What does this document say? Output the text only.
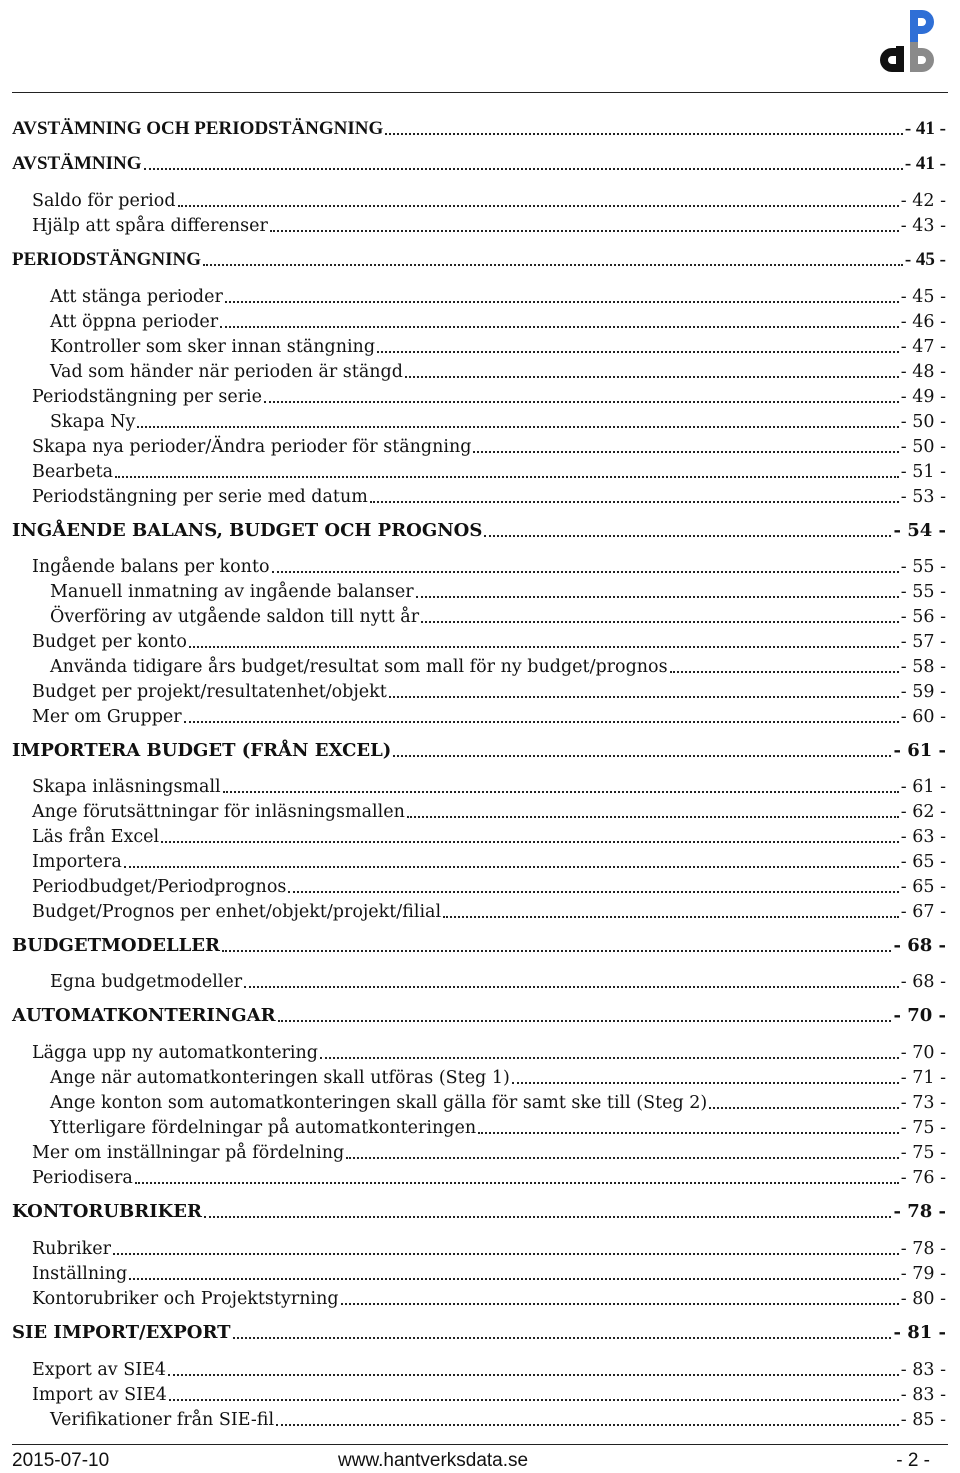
AVSTÄMNING OCH PERIODSTÄNGNING	- 41 -
AVSTÄMNING	- 41 -
Saldo för period	- 42 -
Hjälp att spåra differenser	- 43 -
PERIODSTÄNGNING	- 45 -
Att stänga perioder	- 45 -
Att öppna perioder	- 46 -
Kontroller som sker innan stängning	- 47 -
Vad som händer när perioden är stängd	- 48 -
Periodstängning per serie	- 49 -
Skapa Ny	- 50 -
Skapa nya perioder/Ändra perioder för stängning	- 50 -
Bearbeta	- 51 -
Periodstängning per serie med datum	- 53 -
INGÅENDE BALANS, BUDGET OCH PROGNOS	- 54 -
Ingående balans per konto	- 55 -
Manuell inmatning av ingående balanser	- 55 -
Överföring av utgående saldon till nytt år	- 56 -
Budget per konto	- 57 -
Använda tidigare års budget/resultat som mall för ny budget/prognos	- 58 -
Budget per projekt/resultatenhet/objekt	- 59 -
Mer om Grupper	- 60 -
IMPORTERA BUDGET (FRÅN EXCEL)	- 61 -
Skapa inläsningsmall	- 61 -
Ange förutsättningar för inläsningsmallen	- 62 -
Läs från Excel	- 63 -
Importera	- 65 -
Periodbudget/Periodprognos	- 65 -
Budget/Prognos per enhet/objekt/projekt/filial	- 67 -
BUDGETMODELLER	- 68 -
Egna budgetmodeller	- 68 -
AUTOMATKONTERINGAR	- 70 -
Lägga upp ny automatkontering	- 70 -
Ange när automatkonteringen skall utföras (Steg 1)	- 71 -
Ange konton som automatkonteringen skall gälla för samt ske till (Steg 2)	- 73 -
Ytterligare fördelningar på automatkonteringen	- 75 -
Mer om inställningar på fördelning	- 75 -
Periodisera	- 76 -
KONTORUBRIKER	- 78 -
Rubriker	- 78 -
Inställning	- 79 -
Kontorubriker och Projektstyrning	- 80 -
SIE IMPORT/EXPORT	- 81 -
Export av SIE4	- 83 -
Import av SIE4	- 83 -
Verifikationer från SIE-fil	- 85 -
2015-07-10	www.hantverksdata.se	- 2 -
